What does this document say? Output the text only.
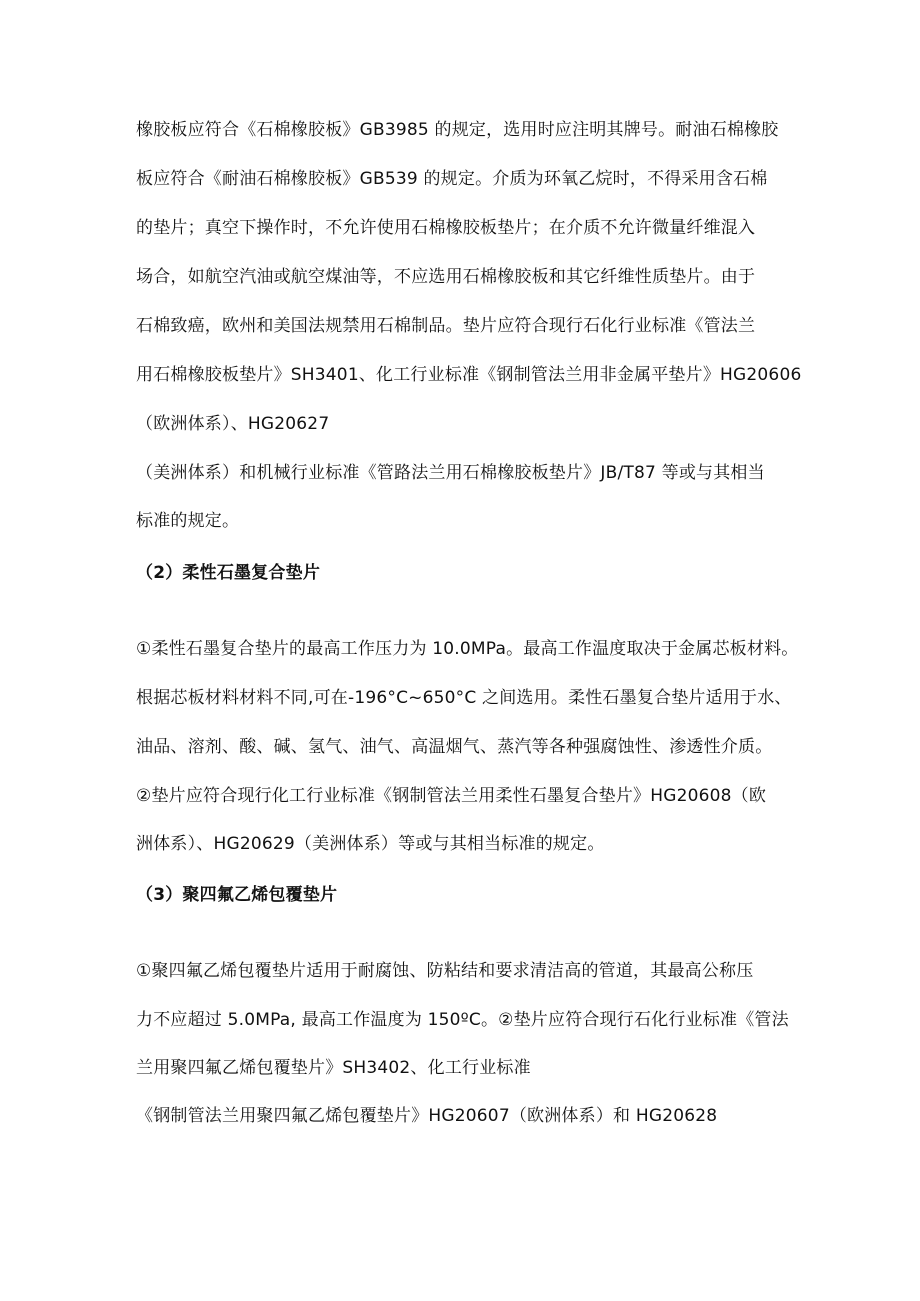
橡胶板应符合《石棉橡胶板》GB3985 的规定，选用时应注明其牌号。耐油石棉橡胶
板应符合《耐油石棉橡胶板》GB539 的规定。介质为环氧乙烷时，不得采用含石棉
的垫片；真空下操作时，不允许使用石棉橡胶板垫片；在介质不允许微量纤维混入
场合，如航空汽油或航空煤油等，不应选用石棉橡胶板和其它纤维性质垫片。由于
石棉致癌，欧州和美国法规禁用石棉制品。垫片应符合现行石化行业标准《管法兰
用石棉橡胶板垫片》SH3401、化工行业标准《钢制管法兰用非金属平垫片》HG20606
（欧洲体系）、HG20627
（美洲体系）和机械行业标准《管路法兰用石棉橡胶板垫片》JB/T87 等或与其相当
标准的规定。
（2）柔性石墨复合垫片
①柔性石墨复合垫片的最高工作压力为 10.0MPa。最高工作温度取决于金属芯板材料。
根据芯板材料材料不同,可在-196°C~650°C 之间选用。柔性石墨复合垫片适用于水、
油品、溶剂、酸、碱、氢气、油气、高温烟气、蒸汽等各种强腐蚀性、渗透性介质。
②垫片应符合现行化工行业标准《钢制管法兰用柔性石墨复合垫片》HG20608（欧
洲体系）、HG20629（美洲体系）等或与其相当标准的规定。
（3）聚四氟乙烯包覆垫片
①聚四氟乙烯包覆垫片适用于耐腐蚀、防粘结和要求清洁高的管道，其最高公称压
力不应超过 5.0MPa, 最高工作温度为 150ºC。②垫片应符合现行石化行业标准《管法
兰用聚四氟乙烯包覆垫片》SH3402、化工行业标准
《钢制管法兰用聚四氟乙烯包覆垫片》HG20607（欧洲体系）和 HG20628
